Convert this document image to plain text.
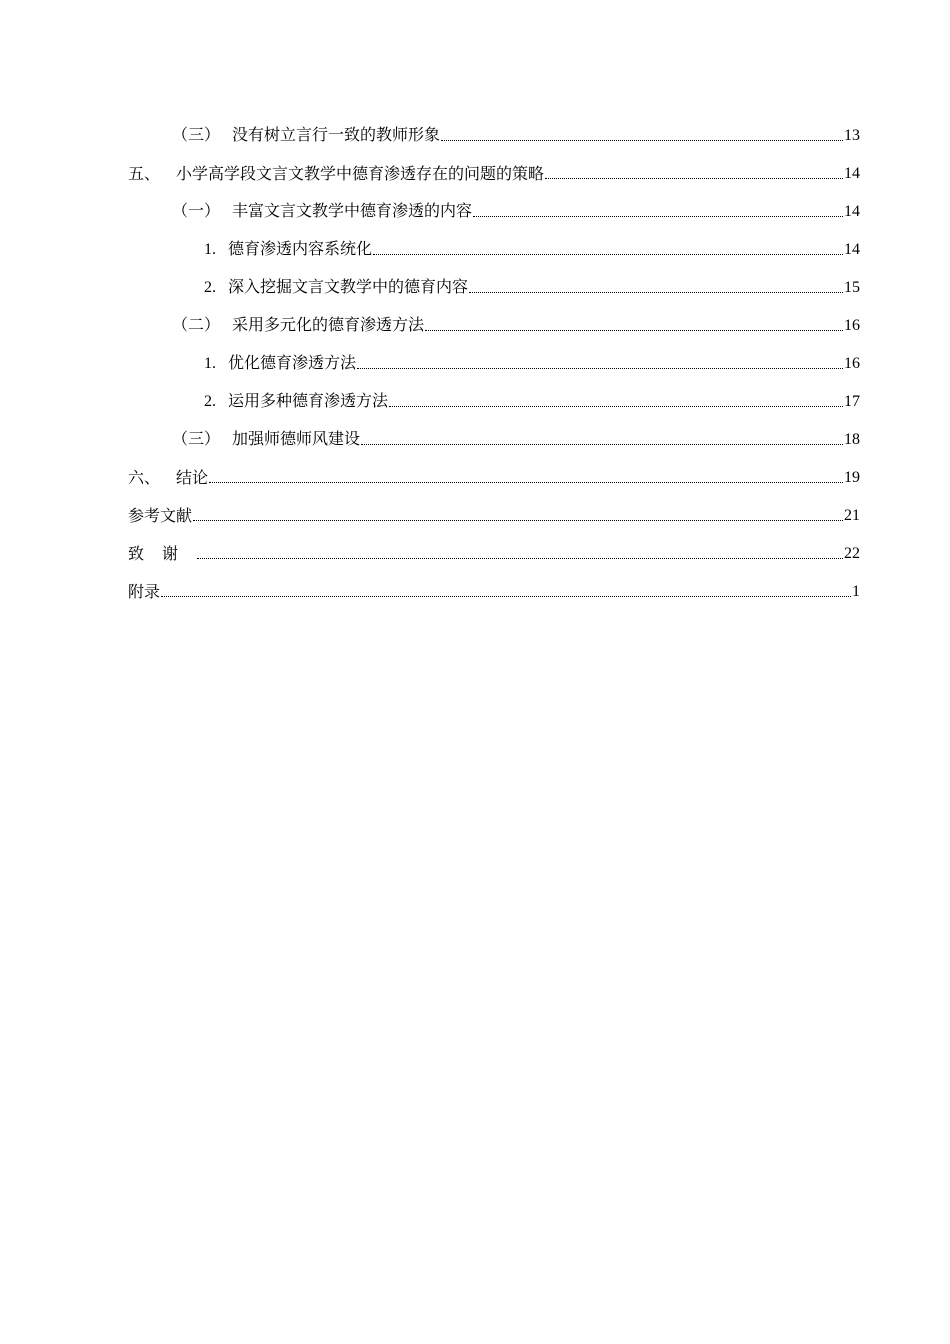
（三） 没有树立言行一致的教师形象	13
五、 小学高学段文言文教学中德育渗透存在的问题的策略	14
（一） 丰富文言文教学中德育渗透的内容	14
1. 德育渗透内容系统化	14
2. 深入挖掘文言文教学中的德育内容	15
（二） 采用多元化的德育渗透方法	16
1. 优化德育渗透方法	16
2. 运用多种德育渗透方法	17
（三） 加强师德师风建设	18
六、 结论	19
参考文献	21
致谢	22
附录	1
